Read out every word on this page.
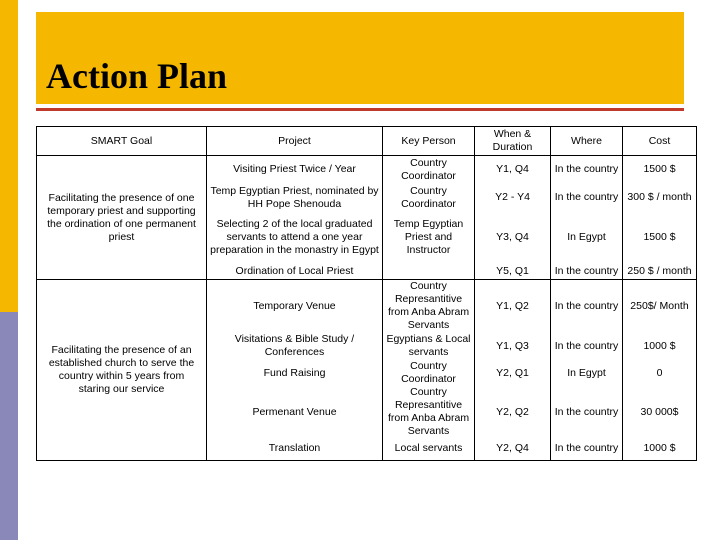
Action Plan
SMART Goal	Project	Key Person	When & Duration	Where	Cost
Facilitating the presence of one temporary priest and supporting the ordination of one permanent priest	Visiting Priest Twice / Year	Country Coordinator	Y1, Q4	In the country	1500 $
	Temp Egyptian Priest, nominated by HH Pope Shenouda	Country Coordinator	Y2 - Y4	In the country	300 $ / month
	Selecting 2 of the local graduated servants to attend a one year preparation in the monastry in Egypt	Temp Egyptian Priest and Instructor	Y3, Q4	In Egypt	1500 $
	Ordination of Local Priest		Y5, Q1	In the country	250 $ / month
Facilitating the presence of an established church to serve the country within 5 years from staring our service	Temporary Venue	Country Represantitive from Anba Abram Servants	Y1, Q2	In the country	250$/ Month
	Visitations & Bible Study / Conferences	Egyptians & Local servants	Y1, Q3	In the country	1000 $
	Fund Raising	Country Coordinator	Y2, Q1	In Egypt	0
	Permenant Venue	Country Represantitive from Anba Abram Servants	Y2, Q2	In the country	30 000$
	Translation	Local servants	Y2, Q4	In the country	1000 $
